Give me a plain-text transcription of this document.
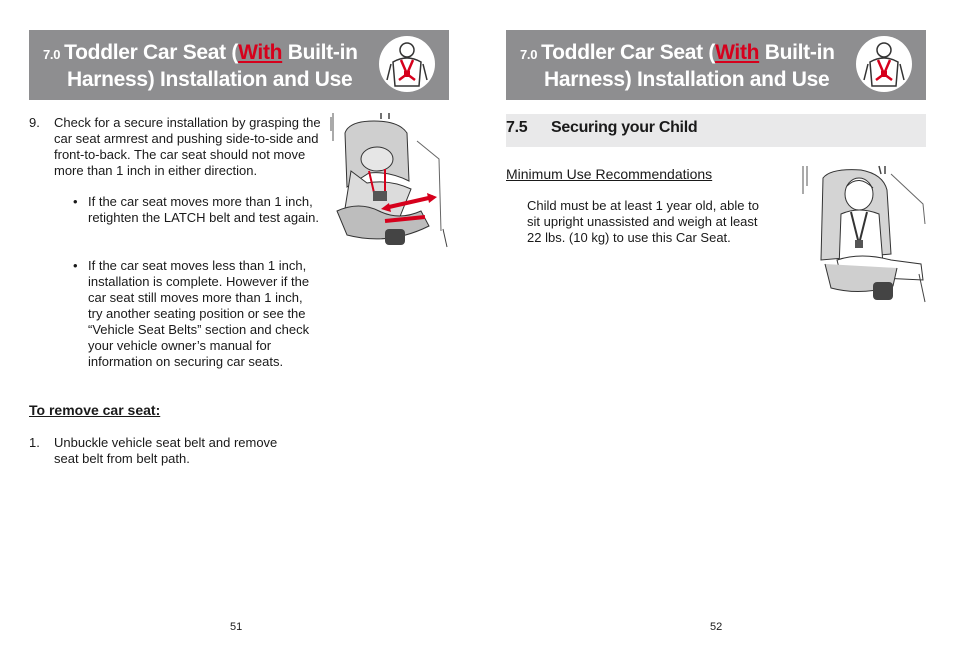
7.0 Toddler Car Seat (With Built-in
Harness) Installation and Use
9. Check for a secure installation by grasping the car seat armrest and pushing side-to-side and front-to-back. The car seat should not move more than 1 inch in either direction.
• If the car seat moves more than 1 inch, retighten the LATCH belt and test again.
• If the car seat moves less than 1 inch, installation is complete. However if the car seat still moves more than 1 inch, try another seating position or see the “Vehicle Seat Belts” section and check your vehicle owner’s manual for information on securing car seats.
To remove car seat:
1. Unbuckle vehicle seat belt and remove seat belt from belt path.
51
7.0 Toddler Car Seat (With Built-in
Harness) Installation and Use
7.5 Securing your Child
Minimum Use Recommendations
Child must be at least 1 year old, able to sit upright unassisted and weigh at least 22 lbs. (10 kg) to use this Car Seat.
52
